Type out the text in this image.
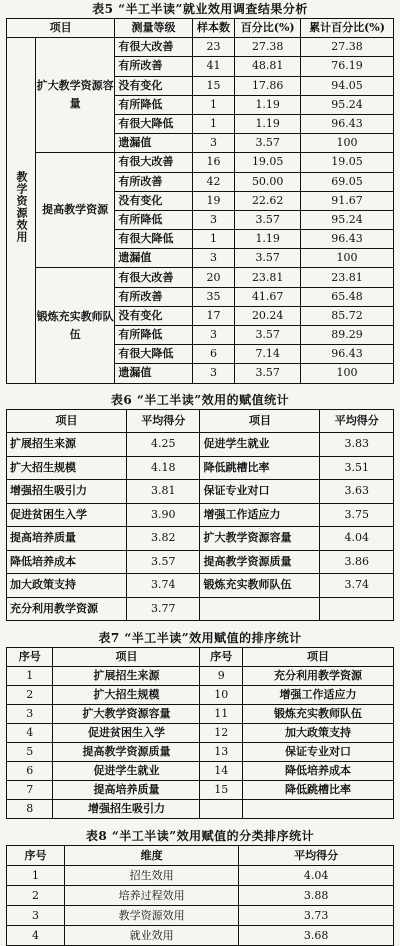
表5 “半工半读”就业效用调查结果分析

项目		测量等级	样本数	百分比(%)	累计百分比(%)
教学资源效用	扩大教学资源容量	有很大改善	23	27.38	27.38
		有所改善	41	48.81	76.19
		没有变化	15	17.86	94.05
		有所降低	1	1.19	95.24
		有很大降低	1	1.19	96.43
		遗漏值	3	3.57	100
	提高教学资源	有很大改善	16	19.05	19.05
		有所改善	42	50.00	69.05
		没有变化	19	22.62	91.67
		有所降低	3	3.57	95.24
		有很大降低	1	1.19	96.43
		遗漏值	3	3.57	100
	锻炼充实教师队伍	有很大改善	20	23.81	23.81
		有所改善	35	41.67	65.48
		没有变化	17	20.24	85.72
		有所降低	3	3.57	89.29
		有很大降低	6	7.14	96.43
		遗漏值	3	3.57	100

表6 “半工半读”效用的赋值统计

项目	平均得分	项目	平均得分
扩展招生来源	4.25	促进学生就业	3.83
扩大招生规模	4.18	降低跳槽比率	3.51
增强招生吸引力	3.81	保证专业对口	3.63
促进贫困生入学	3.90	增强工作适应力	3.75
提高培养质量	3.82	扩大教学资源容量	4.04
降低培养成本	3.57	提高教学资源质量	3.86
加大政策支持	3.74	锻炼充实教师队伍	3.74
充分利用教学资源	3.77		

表7 “半工半读”效用赋值的排序统计

序号	项目	序号	项目
1	扩展招生来源	9	充分利用教学资源
2	扩大招生规模	10	增强工作适应力
3	扩大教学资源容量	11	锻炼充实教师队伍
4	促进贫困生入学	12	加大政策支持
5	提高教学资源质量	13	保证专业对口
6	促进学生就业	14	降低培养成本
7	提高培养质量	15	降低跳槽比率
8	增强招生吸引力		

表8 “半工半读”效用赋值的分类排序统计

序号	维度	平均得分
1	招生效用	4.04
2	培养过程效用	3.88
3	教学资源效用	3.73
4	就业效用	3.68
